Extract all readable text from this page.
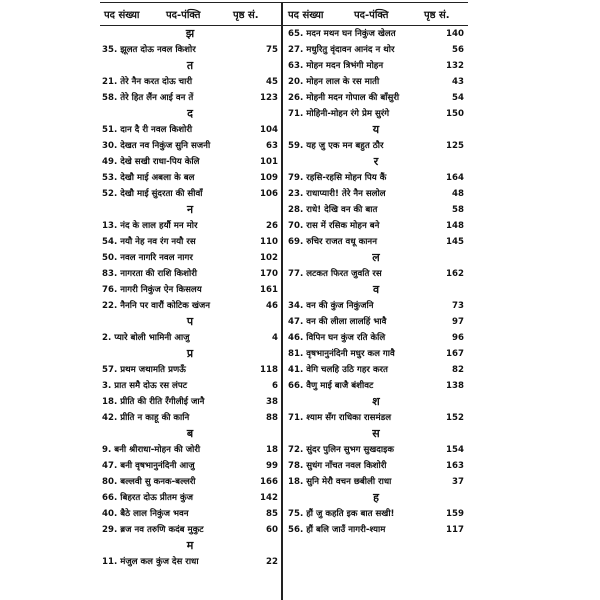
पद संख्या	पद-पंक्ति	पृष्ठ सं.	पद संख्या	पद-पंक्ति	पृष्ठ सं.
झ
35. झूलत दोऊ नवल किशोर	75
त
21. तेरे नैन करत दोऊ चारी	45
58. तेरे हित लैंन आई वन तें	123
द
51. दान दै री नवल किशोरी	104
30. देखत नव निकुंज सुनि सजनी	63
49. देखे सखी राधा-पिय केलि	101
53. देखौ माई अबला के बल	109
52. देखौ माई सुंदरता की सीवाँ	106
न
13. नंद के लाल हर्यौ मन मोर	26
54. नयौ नेह नव रंग नयौ रस	110
50. नवल नागरि नवल नागर	102
83. नागरता की राशि किशोरी	170
76. नागरी निकुंज ऐन किसलय	161
22. नैननि पर वारौं कोटिक खंजन	46
प
2. प्यारे बोली भामिनी आजु	4
प्र
57. प्रथम जथामति प्रणऊँ	118
3. प्रात समै दोऊ रस लंपट	6
18. प्रीति की रीति रँगीलीई जानै	38
42. प्रीति न काहू की कानि	88
ब
9. बनी श्रीराधा-मोहन की जोरी	18
47. बनी वृषभानुनंदिनी आजु	99
80. बल्लवी सु कनक-बल्लरी	166
66. बिहरत दोऊ प्रीतम कुंज	142
40. बैठे लाल निकुंज भवन	85
29. ब्रज नव तरुणि कदंब मुकुट	60
म
11. मंजुल कल कुंज देस राधा	22
65. मदन मथन घन निकुंज खेलत	140
27. मधुरितु वृंदावन आनंद न थोर	56
63. मोहन मदन त्रिभंगी मोहन	132
20. मोहन लाल के रस माती	43
26. मोहनी मदन गोपाल की बाँसुरी	54
71. मोहिनी-मोहन रंगे प्रेम सुरंगे	150
य
59. यह जु एक मन बहुत ठौर	125
र
79. रहसि-रहसि मोहन पिय कैं	164
23. राधाप्यारी! तेरे नैन सलोल	48
28. राधे! देखि वन की बात	58
70. रास में रसिक मोहन बने	148
69. रुचिर राजत वधू कानन	145
ल
77. लटकत फिरत जुवति रस	162
व
34. वन की कुंज निकुंजनि	73
47. वन की लीला लालहिं भावै	97
46. विपिन घन कुंज रति केलि	96
81. वृषभानुनंदिनी मधुर कल गावै	167
41. वेगि चलहि उठि गहर करत	82
66. वैणु माई बाजै बंशीवट	138
श
71. श्याम सँग राधिका रासमंडल	152
स
72. सुंदर पुलिन सुभग सुखदाइक	154
78. सुधंग नाँचत नवल किशोरी	163
18. सुनि मेरौ वचन छबीली राधा	37
ह
75. हौं जु कहति इक बात सखी!	159
56. हौं बलि जाउँ नागरी-श्याम	117
